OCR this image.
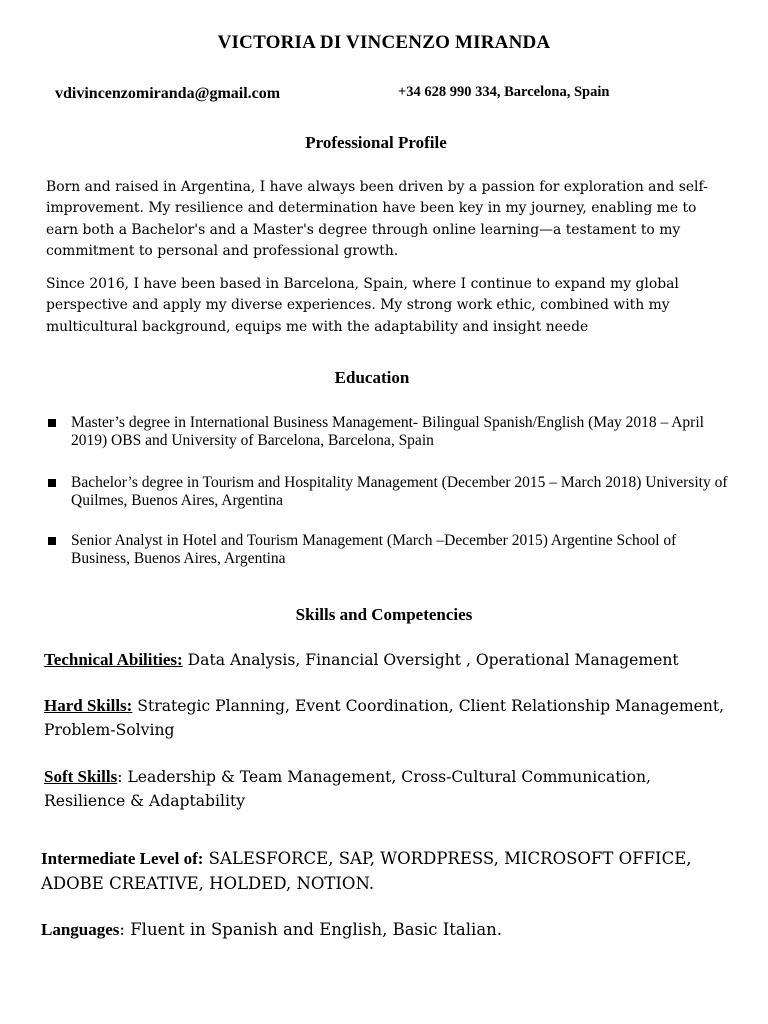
VICTORIA DI VINCENZO MIRANDA
vdivincenzomiranda@gmail.com	+34 628 990 334, Barcelona, Spain
Professional Profile

Born and raised in Argentina, I have always been driven by a passion for exploration and self-improvement. My resilience and determination have been key in my journey, enabling me to earn both a Bachelor's and a Master's degree through online learning—a testament to my commitment to personal and professional growth.

Since 2016, I have been based in Barcelona, Spain, where I continue to expand my global perspective and apply my diverse experiences. My strong work ethic, combined with my multicultural background, equips me with the adaptability and insight neede

Education
Master’s degree in International Business Management- Bilingual Spanish/English (May 2018 – April 2019) OBS and University of Barcelona, Barcelona, Spain
Bachelor’s degree in Tourism and Hospitality Management (December 2015 – March 2018) University of Quilmes, Buenos Aires, Argentina
Senior Analyst in Hotel and Tourism Management (March –December 2015) Argentine School of Business, Buenos Aires, Argentina
Skills and Competencies
Technical Abilities: Data Analysis, Financial Oversight , Operational Management
Hard Skills: Strategic Planning, Event Coordination, Client Relationship Management, Problem-Solving
Soft Skills: Leadership & Team Management, Cross-Cultural Communication, Resilience & Adaptability
Intermediate Level of: SALESFORCE, SAP, WORDPRESS, MICROSOFT OFFICE, ADOBE CREATIVE, HOLDED, NOTION.
Languages: Fluent in Spanish and English, Basic Italian.
